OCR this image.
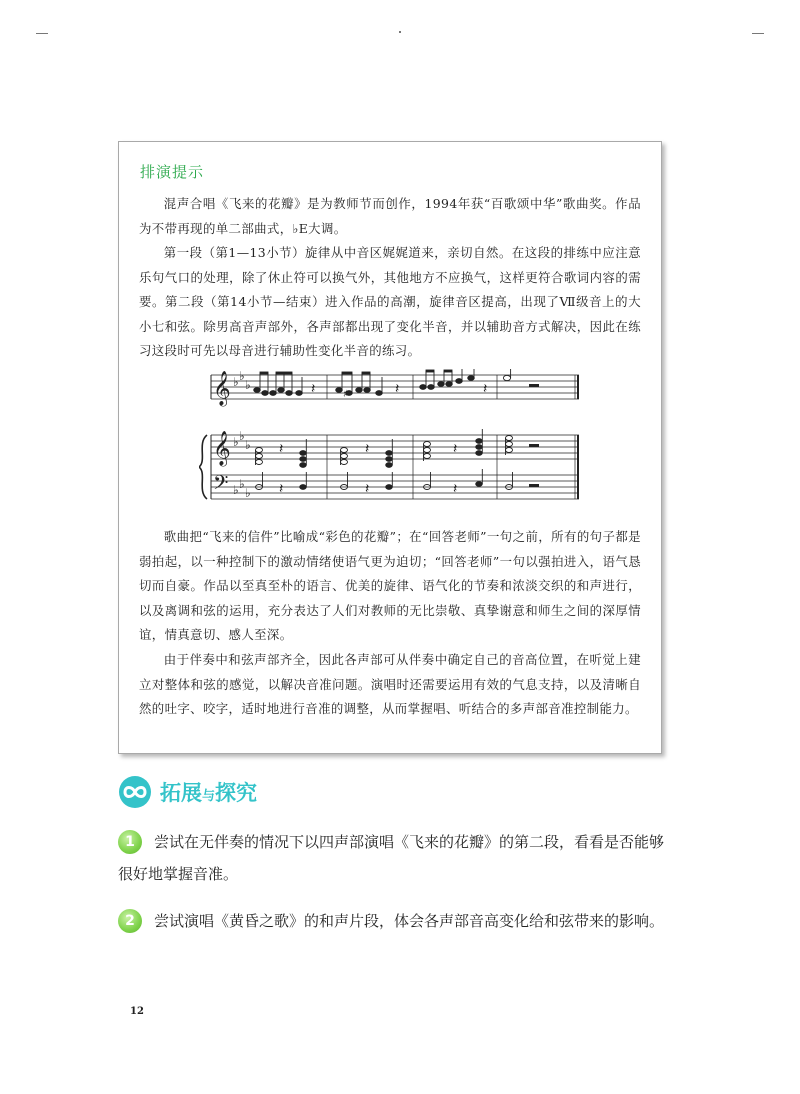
排演提示

混声合唱《飞来的花瓣》是为教师节而创作，1994年获“百歌颂中华”歌曲奖。作品为不带再现的单二部曲式，♭E大调。

第一段（第1—13小节）旋律从中音区娓娓道来，亲切自然。在这段的排练中应注意乐句气口的处理，除了休止符可以换气外，其他地方不应换气，这样更符合歌词内容的需要。第二段（第14小节—结束）进入作品的高潮，旋律音区提高，出现了Ⅶ级音上的大小七和弦。除男高音声部外，各声部都出现了变化半音，并以辅助音方式解决，因此在练习这段时可先以母音进行辅助性变化半音的练习。

𝄞
𝄞
𝄢
♭ ♭
♭
♭ ♭
♭
♭ ♭
♭
𝄽	♯	𝄽	𝄽
𝄽	𝄽	𝄽
𝄽	𝄽	𝄽

歌曲把“飞来的信件”比喻成“彩色的花瓣”；在“回答老师”一句之前，所有的句子都是弱拍起，以一种控制下的激动情绪使语气更为迫切；“回答老师”一句以强拍进入，语气恳切而自豪。作品以至真至朴的语言、优美的旋律、语气化的节奏和浓淡交织的和声进行，以及离调和弦的运用，充分表达了人们对教师的无比崇敬、真挚谢意和师生之间的深厚情谊，情真意切、感人至深。

由于伴奏中和弦声部齐全，因此各声部可从伴奏中确定自己的音高位置，在听觉上建立对整体和弦的感觉，以解决音准问题。演唱时还需要运用有效的气息支持，以及清晰自然的吐字、咬字，适时地进行音准的调整，从而掌握唱、听结合的多声部音准控制能力。

拓展与探究
1	尝试在无伴奏的情况下以四声部演唱《飞来的花瓣》的第二段，看看是否能够很好地掌握音准。

2	尝试演唱《黄昏之歌》的和声片段，体会各声部音高变化给和弦带来的影响。

12
